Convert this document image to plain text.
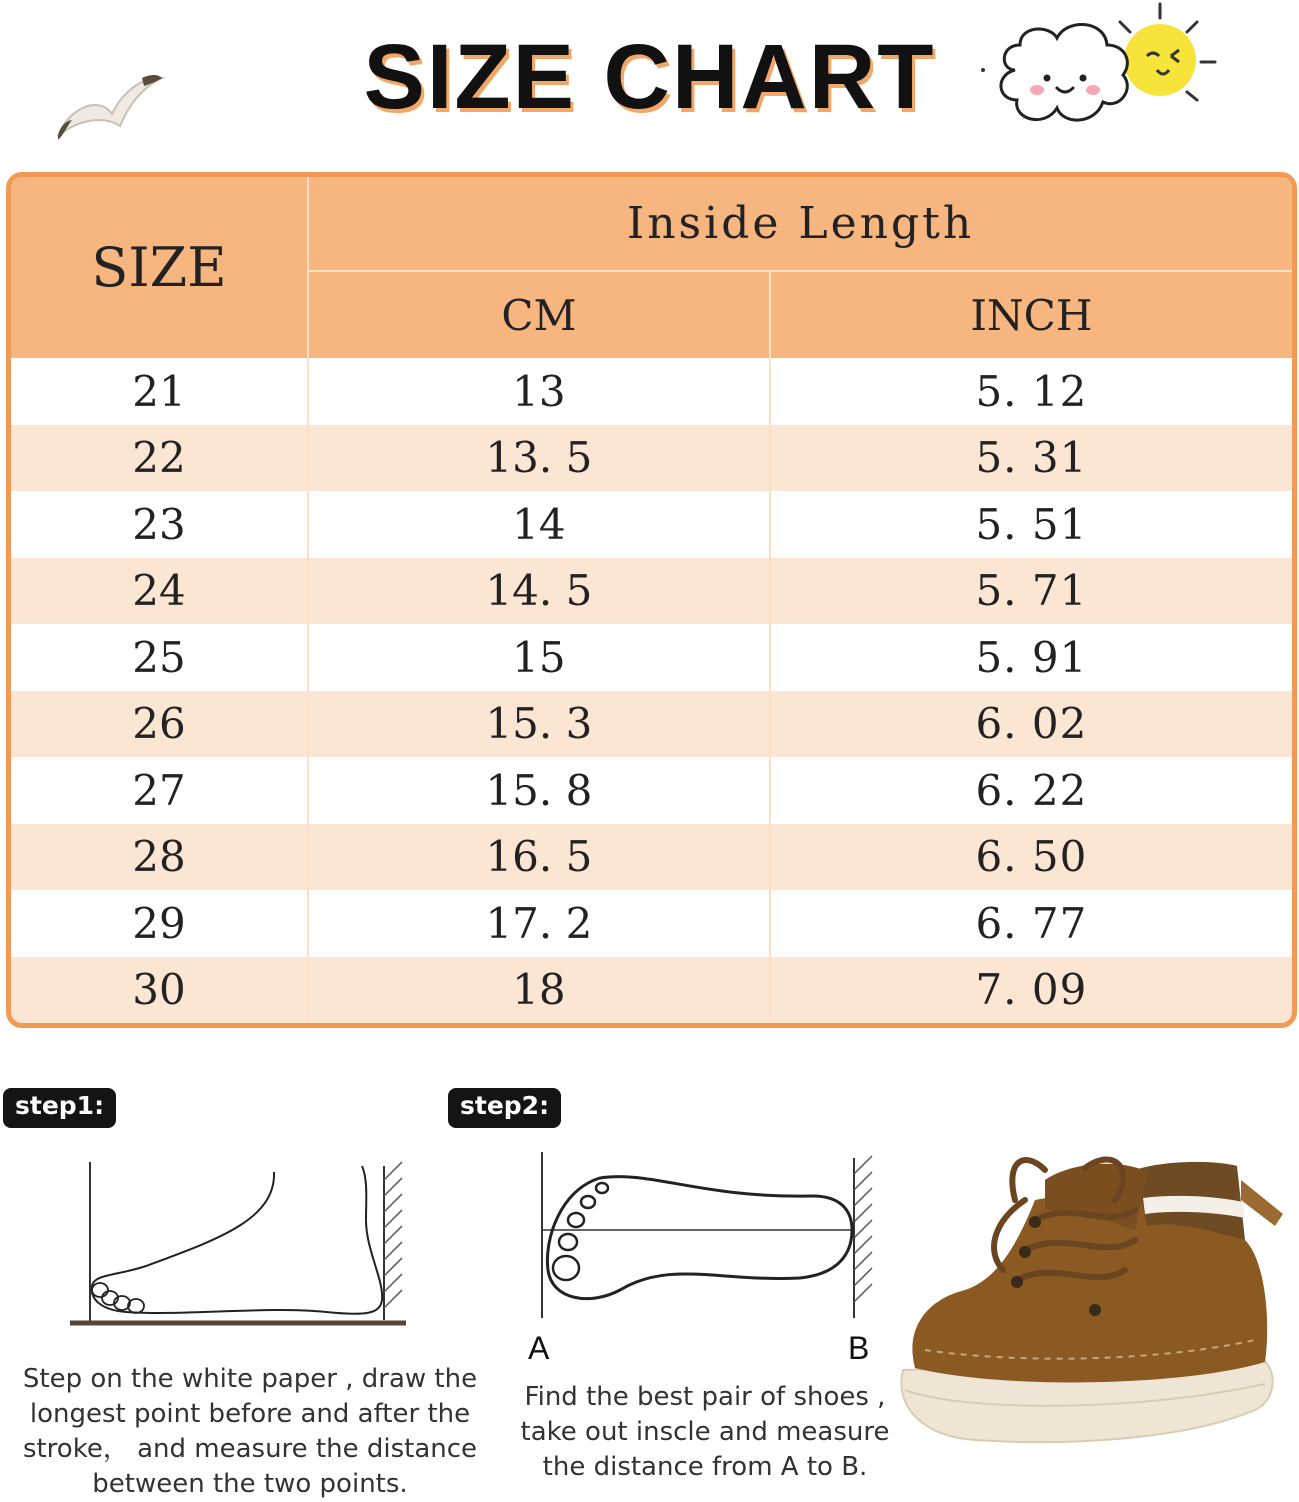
SIZE CHART
SIZE	Inside Length	
	CM	INCH
21	13	5. 12
22	13. 5	5. 31
23	14	5. 51
24	14. 5	5. 71
25	15	5. 91
26	15. 3	6. 02
27	15. 8	6. 22
28	16. 5	6. 50
29	17. 2	6. 77
30	18	7. 09
step1:
Step on the white paper , draw the
longest point before and after the
stroke， and measure the distance
between the two points.
step2:
A	B
Find the best pair of shoes ,
take out inscle and measure
the distance from A to B.
